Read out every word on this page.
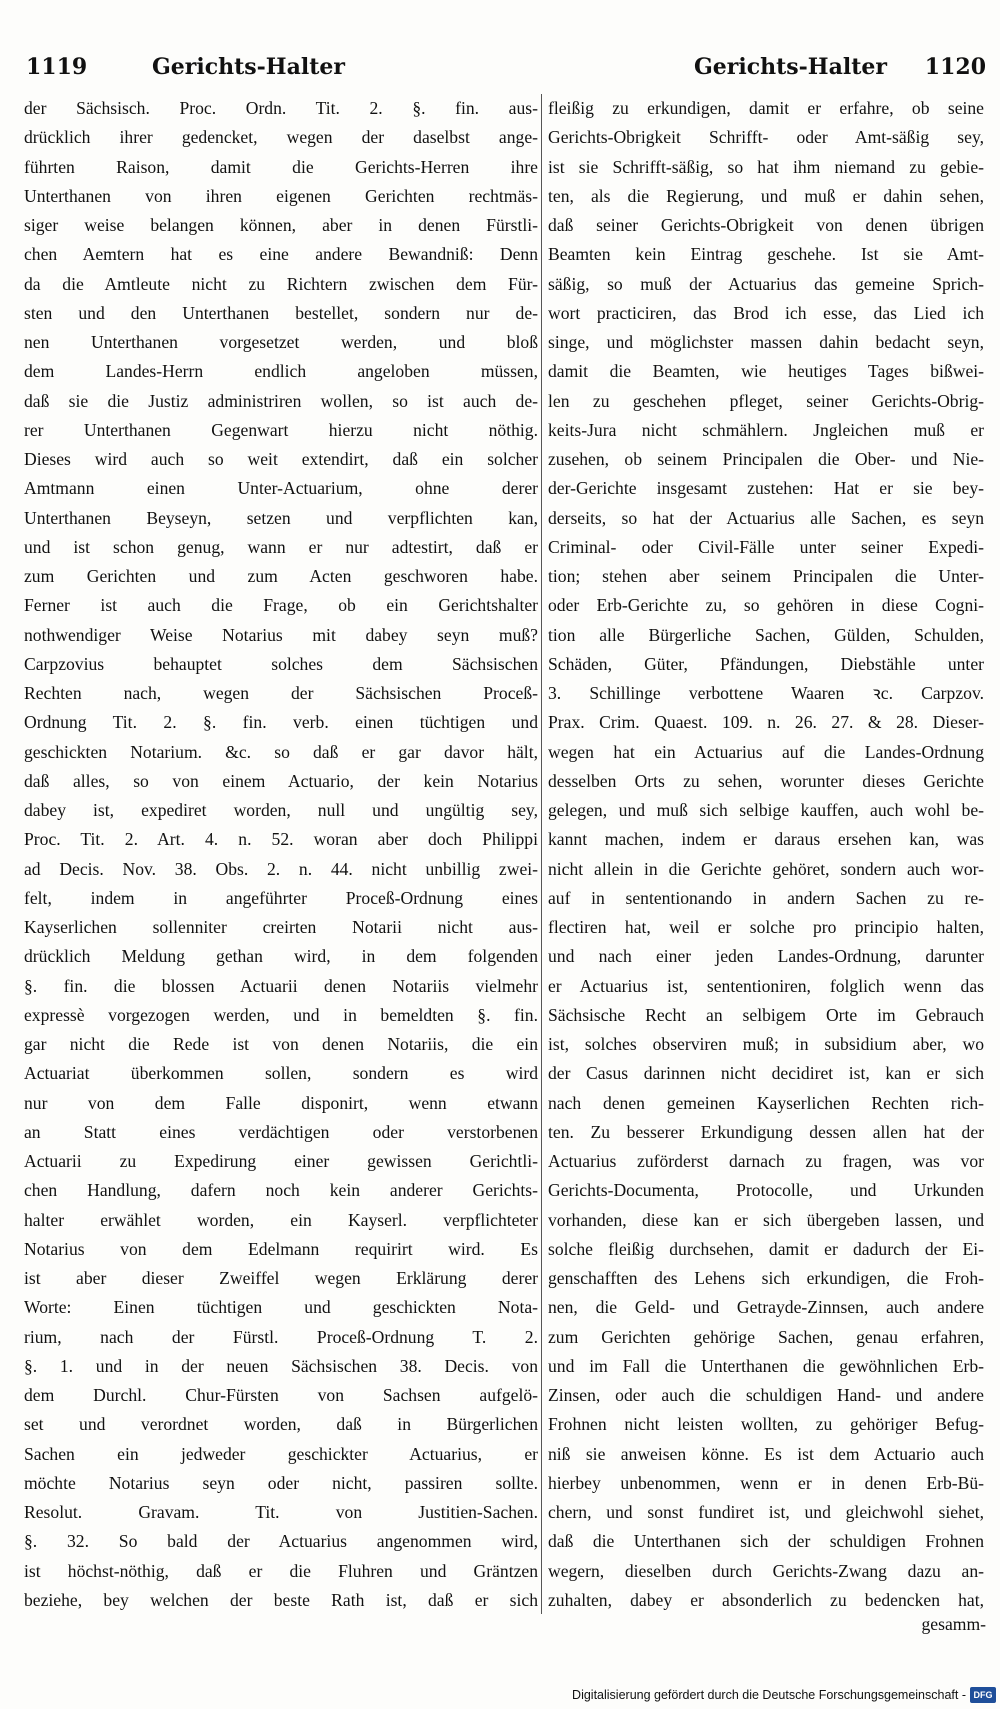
1119	Gerichts-Halter	Gerichts-Halter 1120
der Sächsisch. Proc. Ordn. Tit. 2. §. fin. aus-
drücklich ihrer gedencket, wegen der daselbst ange-
führten Raison, damit die Gerichts-Herren ihre
Unterthanen von ihren eigenen Gerichten rechtmäs-
siger weise belangen können, aber in denen Fürstli-
chen Aemtern hat es eine andere Bewandniß: Denn
da die Amtleute nicht zu Richtern zwischen dem Für-
sten und den Unterthanen bestellet, sondern nur de-
nen Unterthanen vorgesetzet werden, und bloß
dem Landes-Herrn endlich angeloben müssen,
daß sie die Justiz administriren wollen, so ist auch de-
rer Unterthanen Gegenwart hierzu nicht nöthig.
Dieses wird auch so weit extendirt, daß ein solcher
Amtmann einen Unter-Actuarium, ohne derer
Unterthanen Beyseyn, setzen und verpflichten kan,
und ist schon genug, wann er nur adtestirt, daß er
zum Gerichten und zum Acten geschworen habe.
Ferner ist auch die Frage, ob ein Gerichtshalter
nothwendiger Weise Notarius mit dabey seyn muß?
Carpzovius behauptet solches dem Sächsischen
Rechten nach, wegen der Sächsischen Proceß-
Ordnung Tit. 2. §. fin. verb. einen tüchtigen und
geschickten Notarium. &c. so daß er gar davor hält,
daß alles, so von einem Actuario, der kein Notarius
dabey ist, expediret worden, null und ungültig sey,
Proc. Tit. 2. Art. 4. n. 52. woran aber doch Philippi
ad Decis. Nov. 38. Obs. 2. n. 44. nicht unbillig zwei-
felt, indem in angeführter Proceß-Ordnung eines
Kayserlichen sollenniter creirten Notarii nicht aus-
drücklich Meldung gethan wird, in dem folgenden
§. fin. die blossen Actuarii denen Notariis vielmehr
expressè vorgezogen werden, und in bemeldten §. fin.
gar nicht die Rede ist von denen Notariis, die ein
Actuariat überkommen sollen, sondern es wird
nur von dem Falle disponirt, wenn etwann
an Statt eines verdächtigen oder verstorbenen
Actuarii zu Expedirung einer gewissen Gerichtli-
chen Handlung, dafern noch kein anderer Gerichts-
halter erwählet worden, ein Kayserl. verpflichteter
Notarius von dem Edelmann requirirt wird. Es
ist aber dieser Zweiffel wegen Erklärung derer
Worte: Einen tüchtigen und geschickten Nota-
rium, nach der Fürstl. Proceß-Ordnung T. 2.
§. 1. und in der neuen Sächsischen 38. Decis. von
dem Durchl. Chur-Fürsten von Sachsen aufgelö-
set und verordnet worden, daß in Bürgerlichen
Sachen ein jedweder geschickter Actuarius, er
möchte Notarius seyn oder nicht, passiren sollte.
Resolut. Gravam. Tit. von Justitien-Sachen.
§. 32. So bald der Actuarius angenommen wird,
ist höchst-nöthig, daß er die Fluhren und Gräntzen
beziehe, bey welchen der beste Rath ist, daß er sich
fleißig zu erkundigen, damit er erfahre, ob seine
Gerichts-Obrigkeit Schrifft- oder Amt-säßig sey,
ist sie Schrifft-säßig, so hat ihm niemand zu gebie-
ten, als die Regierung, und muß er dahin sehen,
daß seiner Gerichts-Obrigkeit von denen übrigen
Beamten kein Eintrag geschehe. Ist sie Amt-
säßig, so muß der Actuarius das gemeine Sprich-
wort practiciren, das Brod ich esse, das Lied ich
singe, und möglichster massen dahin bedacht seyn,
damit die Beamten, wie heutiges Tages bißwei-
len zu geschehen pfleget, seiner Gerichts-Obrig-
keits-Jura nicht schmählern. Jngleichen muß er
zusehen, ob seinem Principalen die Ober- und Nie-
der-Gerichte insgesamt zustehen: Hat er sie bey-
derseits, so hat der Actuarius alle Sachen, es seyn
Criminal- oder Civil-Fälle unter seiner Expedi-
tion; stehen aber seinem Principalen die Unter-
oder Erb-Gerichte zu, so gehören in diese Cogni-
tion alle Bürgerliche Sachen, Gülden, Schulden,
Schäden, Güter, Pfändungen, Diebstähle unter
3. Schillinge verbottene Waaren ꝛc. Carpzov.
Prax. Crim. Quaest. 109. n. 26. 27. & 28. Dieser-
wegen hat ein Actuarius auf die Landes-Ordnung
desselben Orts zu sehen, worunter dieses Gerichte
gelegen, und muß sich selbige kauffen, auch wohl be-
kannt machen, indem er daraus ersehen kan, was
nicht allein in die Gerichte gehöret, sondern auch wor-
auf in sententionando in andern Sachen zu re-
flectiren hat, weil er solche pro principio halten,
und nach einer jeden Landes-Ordnung, darunter
er Actuarius ist, sententioniren, folglich wenn das
Sächsische Recht an selbigem Orte im Gebrauch
ist, solches observiren muß; in subsidium aber, wo
der Casus darinnen nicht decidiret ist, kan er sich
nach denen gemeinen Kayserlichen Rechten rich-
ten. Zu besserer Erkundigung dessen allen hat der
Actuarius zuförderst darnach zu fragen, was vor
Gerichts-Documenta, Protocolle, und Urkunden
vorhanden, diese kan er sich übergeben lassen, und
solche fleißig durchsehen, damit er dadurch der Ei-
genschafften des Lehens sich erkundigen, die Froh-
nen, die Geld- und Getrayde-Zinnsen, auch andere
zum Gerichten gehörige Sachen, genau erfahren,
und im Fall die Unterthanen die gewöhnlichen Erb-
Zinsen, oder auch die schuldigen Hand- und andere
Frohnen nicht leisten wollten, zu gehöriger Befug-
niß sie anweisen könne. Es ist dem Actuario auch
hierbey unbenommen, wenn er in denen Erb-Bü-
chern, und sonst fundiret ist, und gleichwohl siehet,
daß die Unterthanen sich der schuldigen Frohnen
wegern, dieselben durch Gerichts-Zwang dazu an-
zuhalten, dabey er absonderlich zu bedencken hat,
gesamm-
Digitalisierung gefördert durch die Deutsche Forschungsgemeinschaft - DFG
